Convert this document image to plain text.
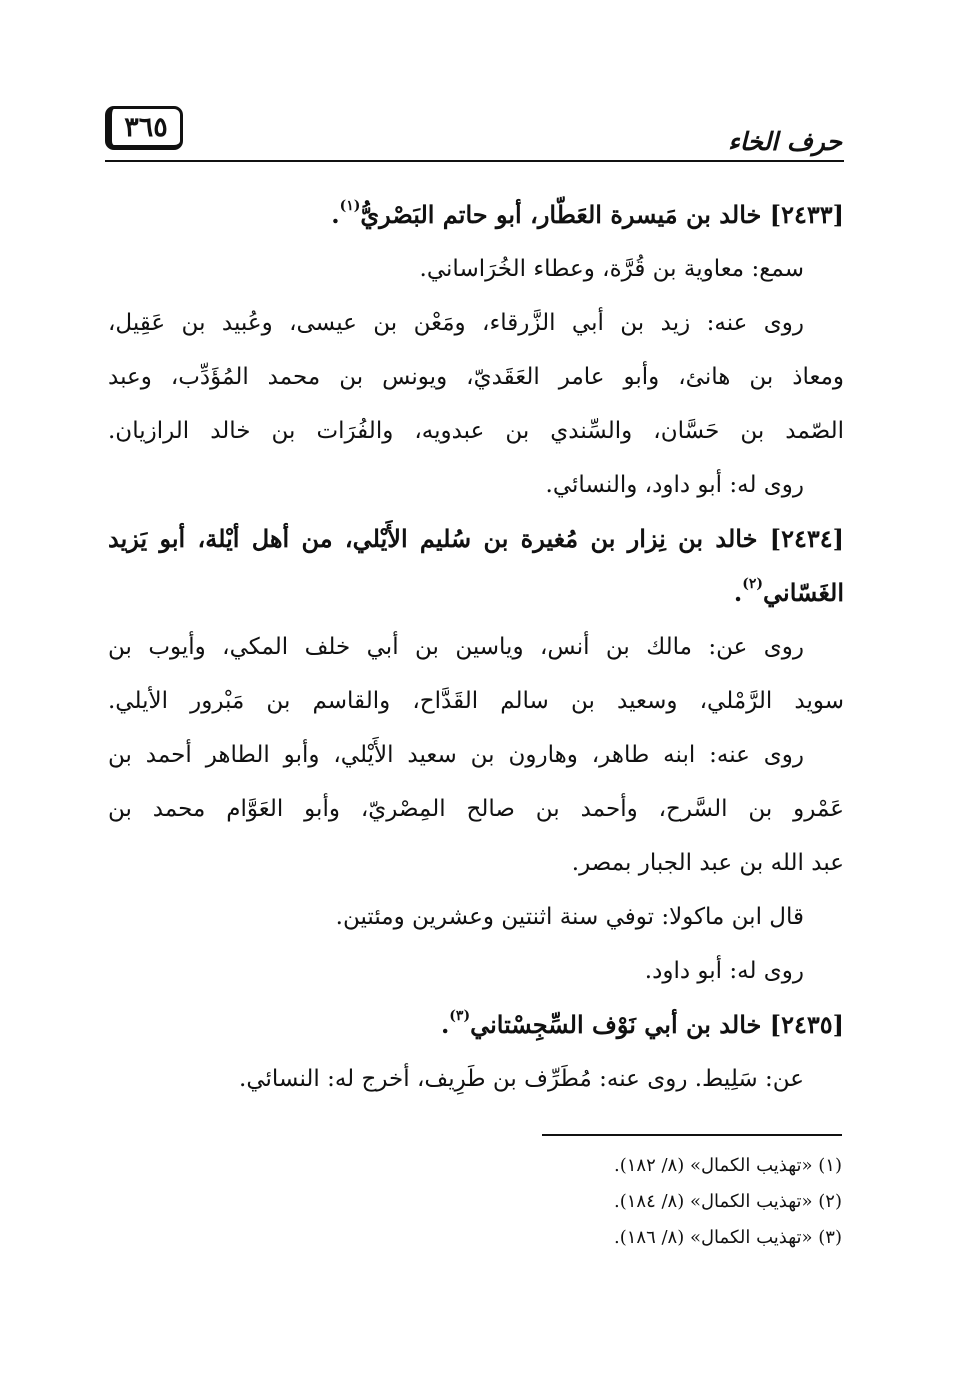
حرف الخاء
٣٦٥
[٢٤٣٣] خالد بن مَيسرة العَطّار، أبو حاتم البَصْريُّ$^{(١)}$.
سمع: معاوية بن قُرَّة، وعطاء الخُرَاساني.
روى عنه: زيد بن أبي الزَّرقاء، ومَعْن بن عيسى، وعُبيد بن عَقِيل،
ومعاذ بن هانئ، وأبو عامر العَقَديّ، ويونس بن محمد المُؤَدِّب، وعبد
الصّمد بن حَسَّان، والسِّندي بن عبدويه، والفُرَات بن خالد الرازيان.
روى له: أبو داود، والنسائي.
[٢٤٣٤] خالد بن نِزار بن مُغيرة بن سُليم الأَيْلي، من أهل أيْلة، أبو يَزيد
الغَسّاني$^{(٢)}$.
روى عن: مالك بن أنس، وياسين بن أبي خلف المكي، وأيوب بن
سويد الرَّمْلي، وسعيد بن سالم القَدَّاح، والقاسم بن مَبْرور الأيلي.
روى عنه: ابنه طاهر، وهارون بن سعيد الأَيْلي، وأبو الطاهر أحمد بن
عَمْرو بن السَّرح، وأحمد بن صالح المِصْريّ، وأبو العَوَّام محمد بن
عبد الله بن عبد الجبار بمصر.
قال ابن ماكولا: توفي سنة اثنتين وعشرين ومئتين.
روى له: أبو داود.
[٢٤٣٥] خالد بن أبي نَوْف السِّجِسْتاني$^{(٣)}$.
عن: سَلِيط. روى عنه: مُطَرِّف بن طَرِيف، أخرج له: النسائي.
(١) «تهذيب الكمال» (٨/ ١٨٢).
(٢) «تهذيب الكمال» (٨/ ١٨٤).
(٣) «تهذيب الكمال» (٨/ ١٨٦).
